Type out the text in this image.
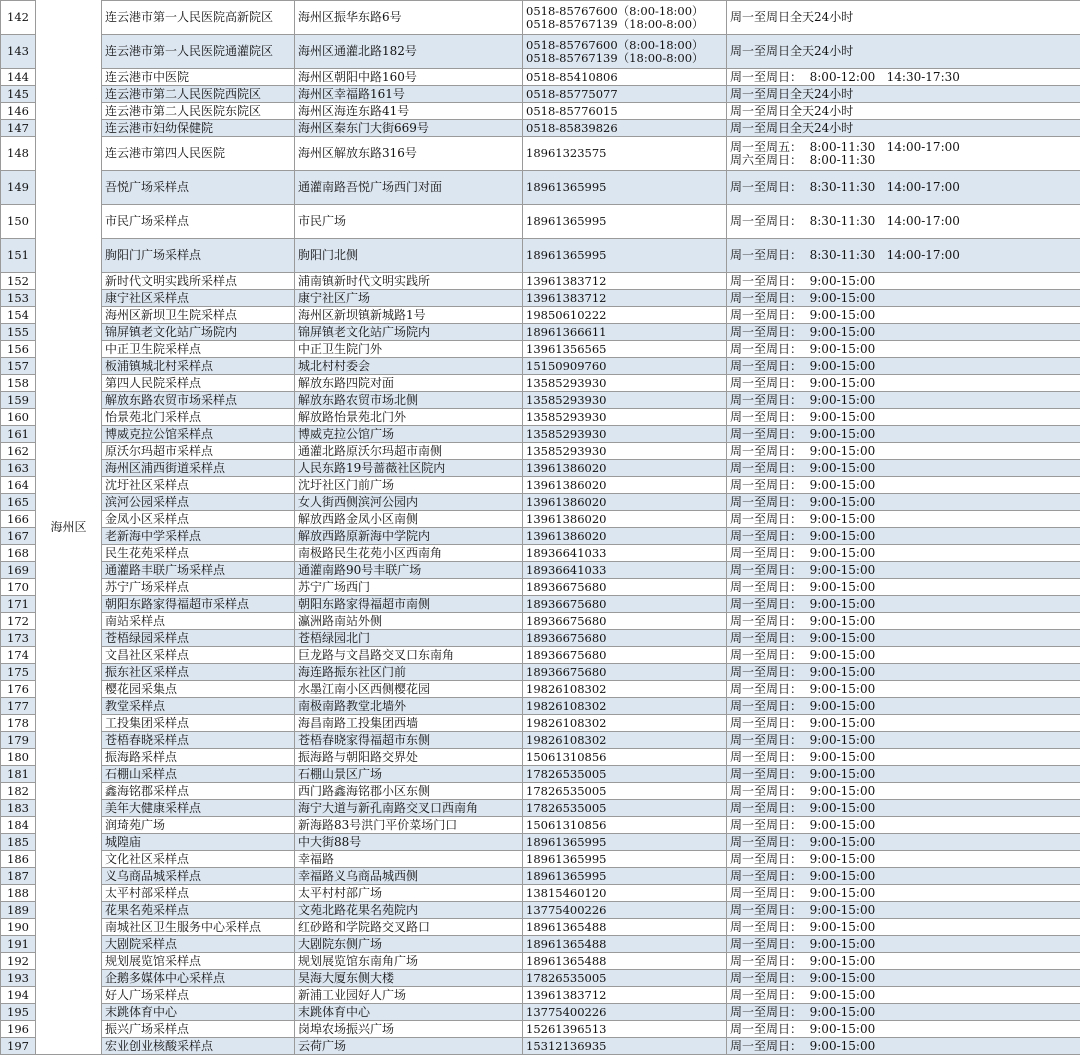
142	海州区	连云港市第一人民医院高新院区	海州区振华东路6号	0518-85767600（8:00-18:00）
0518-85767139（18:00-8:00）	周一至周日全天24小时

143		连云港市第一人民医院通灌院区	海州区通灌北路182号	0518-85767600（8:00-18:00）
0518-85767139（18:00-8:00）	周一至周日全天24小时

144		连云港市中医院	海州区朝阳中路160号	0518-85410806	周一至周日：  8:00-12:00   14:30-17:30

145		连云港市第二人民医院西院区	海州区幸福路161号	0518-85775077	周一至周日全天24小时

146		连云港市第二人民医院东院区	海州区海连东路41号	0518-85776015	周一至周日全天24小时

147		连云港市妇幼保健院	海州区秦东门大街669号	0518-85839826	周一至周日全天24小时

148		连云港市第四人民医院	海州区解放东路316号	18961323575	周一至周五：  8:00-11:30   14:00-17:00
周六至周日：  8:00-11:30

149		吾悦广场采样点	通灌南路吾悦广场西门对面	18961365995	周一至周日：  8:30-11:30   14:00-17:00

150		市民广场采样点	市民广场	18961365995	周一至周日：  8:30-11:30   14:00-17:00

151		朐阳门广场采样点	朐阳门北侧	18961365995	周一至周日：  8:30-11:30   14:00-17:00

152		新时代文明实践所采样点	浦南镇新时代文明实践所	13961383712	周一至周日：  9:00-15:00

153		康宁社区采样点	康宁社区广场	13961383712	周一至周日：  9:00-15:00

154		海州区新坝卫生院采样点	海州区新坝镇新城路1号	19850610222	周一至周日：  9:00-15:00

155		锦屏镇老文化站广场院内	锦屏镇老文化站广场院内	18961366611	周一至周日：  9:00-15:00

156		中正卫生院采样点	中正卫生院门外	13961356565	周一至周日：  9:00-15:00

157		板浦镇城北村采样点	城北村村委会	15150909760	周一至周日：  9:00-15:00

158		第四人民院采样点	解放东路四院对面	13585293930	周一至周日：  9:00-15:00

159		解放东路农贸市场采样点	解放东路农贸市场北侧	13585293930	周一至周日：  9:00-15:00

160		怡景苑北门采样点	解放路怡景苑北门外	13585293930	周一至周日：  9:00-15:00

161		博威克拉公馆采样点	博威克拉公馆广场	13585293930	周一至周日：  9:00-15:00

162		原沃尔玛超市采样点	通灌北路原沃尔玛超市南侧	13585293930	周一至周日：  9:00-15:00

163		海州区浦西街道采样点	人民东路19号蔷薇社区院内	13961386020	周一至周日：  9:00-15:00

164		沈圩社区采样点	沈圩社区门前广场	13961386020	周一至周日：  9:00-15:00

165		滨河公园采样点	女人街西侧滨河公园内	13961386020	周一至周日：  9:00-15:00

166		金凤小区采样点	解放西路金凤小区南侧	13961386020	周一至周日：  9:00-15:00

167		老新海中学采样点	解放西路原新海中学院内	13961386020	周一至周日：  9:00-15:00

168		民生花苑采样点	南极路民生花苑小区西南角	18936641033	周一至周日：  9:00-15:00

169		通灌路丰联广场采样点	通灌南路90号丰联广场	18936641033	周一至周日：  9:00-15:00

170		苏宁广场采样点	苏宁广场西门	18936675680	周一至周日：  9:00-15:00

171		朝阳东路家得福超市采样点	朝阳东路家得福超市南侧	18936675680	周一至周日：  9:00-15:00

172		南站采样点	瀛洲路南站外侧	18936675680	周一至周日：  9:00-15:00

173		苍梧绿园采样点	苍梧绿园北门	18936675680	周一至周日：  9:00-15:00

174		文昌社区采样点	巨龙路与文昌路交叉口东南角	18936675680	周一至周日：  9:00-15:00

175		振东社区采样点	海连路振东社区门前	18936675680	周一至周日：  9:00-15:00

176		樱花园采集点	水墨江南小区西侧樱花园	19826108302	周一至周日：  9:00-15:00

177		教堂采样点	南极南路教堂北墙外	19826108302	周一至周日：  9:00-15:00

178		工投集团采样点	海昌南路工投集团西墙	19826108302	周一至周日：  9:00-15:00

179		苍梧春晓采样点	苍梧春晓家得福超市东侧	19826108302	周一至周日：  9:00-15:00

180		振海路采样点	振海路与朝阳路交界处	15061310856	周一至周日：  9:00-15:00

181		石棚山采样点	石棚山景区广场	17826535005	周一至周日：  9:00-15:00

182		鑫海铭郡采样点	西门路鑫海铭郡小区东侧	17826535005	周一至周日：  9:00-15:00

183		美年大健康采样点	海宁大道与新孔南路交叉口西南角	17826535005	周一至周日：  9:00-15:00

184		润琦苑广场	新海路83号洪门平价菜场门口	15061310856	周一至周日：  9:00-15:00

185		城隍庙	中大街88号	18961365995	周一至周日：  9:00-15:00

186		文化社区采样点	幸福路	18961365995	周一至周日：  9:00-15:00

187		义乌商品城采样点	幸福路义乌商品城西侧	18961365995	周一至周日：  9:00-15:00

188		太平村部采样点	太平村村部广场	13815460120	周一至周日：  9:00-15:00

189		花果名苑采样点	文苑北路花果名苑院内	13775400226	周一至周日：  9:00-15:00

190		南城社区卫生服务中心采样点	红砂路和学院路交叉路口	18961365488	周一至周日：  9:00-15:00

191		大剧院采样点	大剧院东侧广场	18961365488	周一至周日：  9:00-15:00

192		规划展览馆采样点	规划展览馆东南角广场	18961365488	周一至周日：  9:00-15:00

193		企鹅多媒体中心采样点	昊海大厦东侧大楼	17826535005	周一至周日：  9:00-15:00

194		好人广场采样点	新浦工业园好人广场	13961383712	周一至周日：  9:00-15:00

195		末跳体育中心	末跳体育中心	13775400226	周一至周日：  9:00-15:00

196		振兴广场采样点	岗埠农场振兴广场	15261396513	周一至周日：  9:00-15:00

197		宏业创业核酸采样点	云荷广场	15312136935	周一至周日：  9:00-15:00
